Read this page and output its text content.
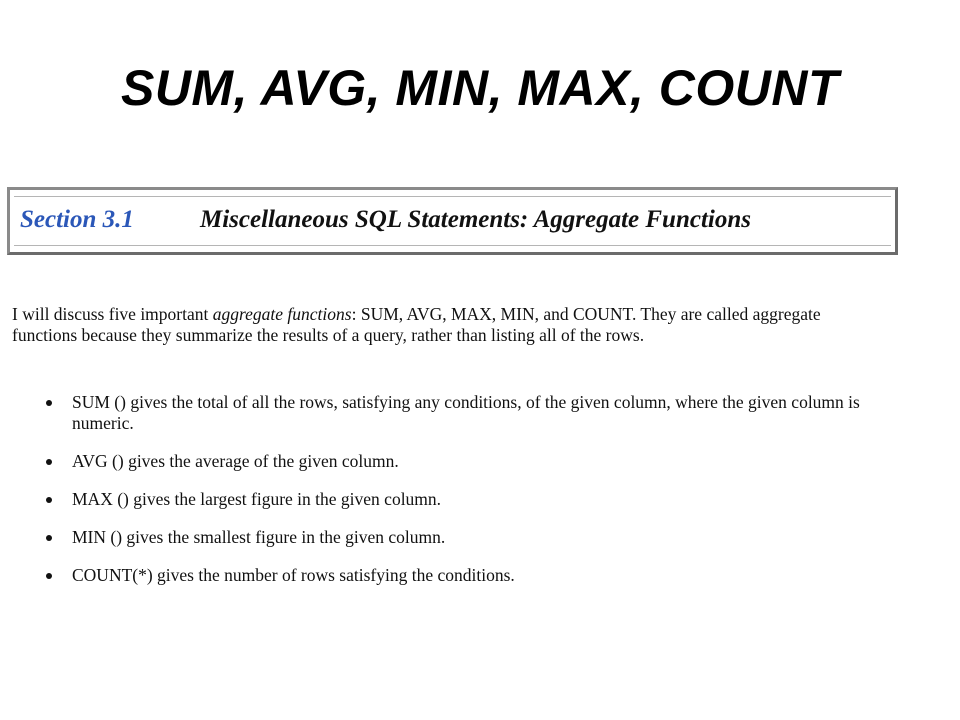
SUM, AVG, MIN, MAX, COUNT
Section 3.1	Miscellaneous SQL Statements: Aggregate Functions

I will discuss five important aggregate functions: SUM, AVG, MAX, MIN, and COUNT. They are called aggregate functions because they summarize the results of a query, rather than listing all of the rows.

SUM () gives the total of all the rows, satisfying any conditions, of the given column, where the given column is numeric.
AVG () gives the average of the given column.
MAX () gives the largest figure in the given column.
MIN () gives the smallest figure in the given column.
COUNT(*) gives the number of rows satisfying the conditions.
